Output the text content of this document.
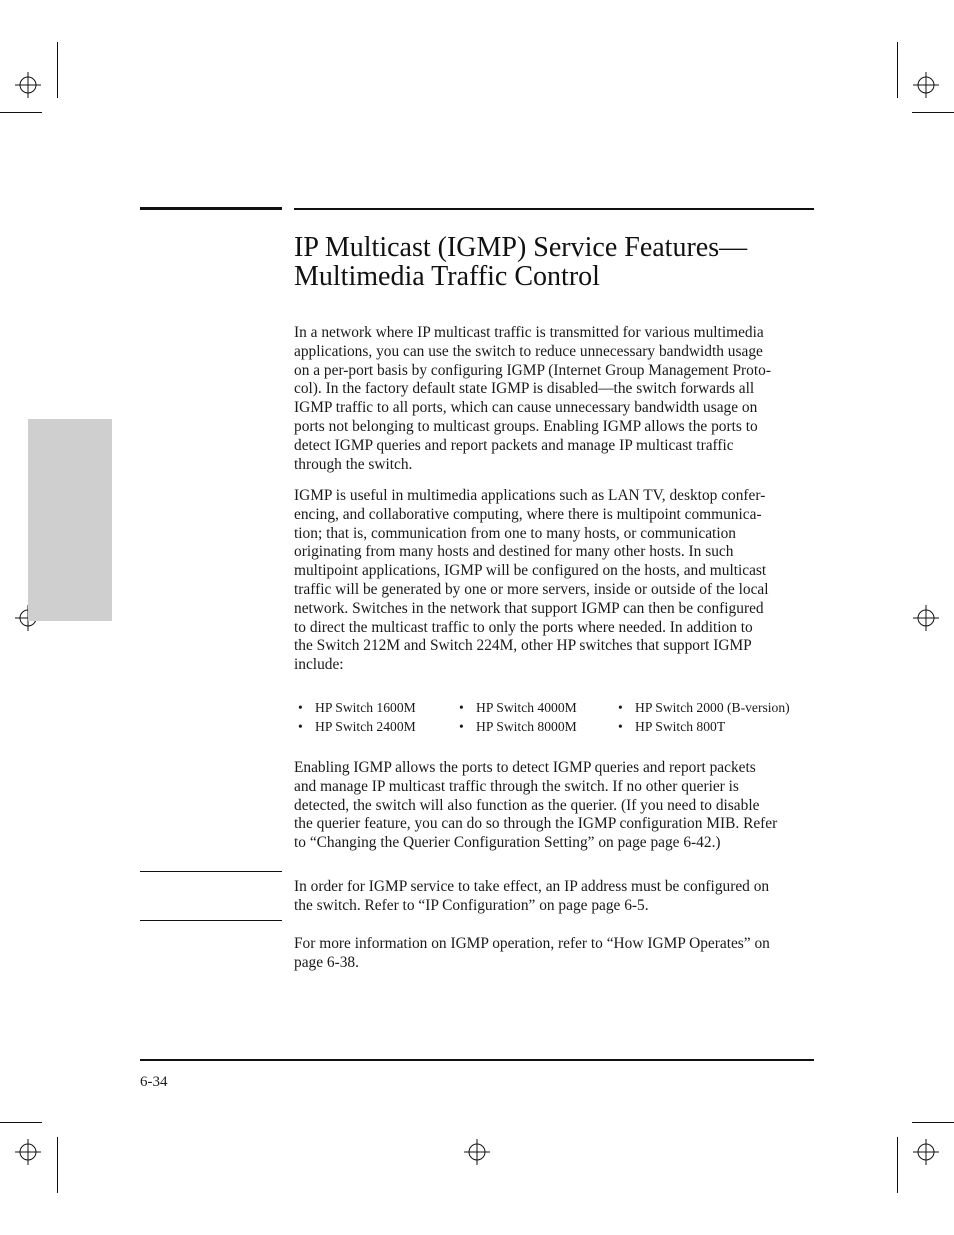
IP Multicast (IGMP) Service Features—
Multimedia Traffic Control
In a network where IP multicast traffic is transmitted for various multimedia
applications, you can use the switch to reduce unnecessary bandwidth usage
on a per-port basis by configuring IGMP (Internet Group Management Proto-
col). In the factory default state IGMP is disabled—the switch forwards all
IGMP traffic to all ports, which can cause unnecessary bandwidth usage on
ports not belonging to multicast groups. Enabling IGMP allows the ports to
detect IGMP queries and report packets and manage IP multicast traffic
through the switch.
IGMP is useful in multimedia applications such as LAN TV, desktop confer-
encing, and collaborative computing, where there is multipoint communica-
tion; that is, communication from one to many hosts, or communication
originating from many hosts and destined for many other hosts. In such
multipoint applications, IGMP will be configured on the hosts, and multicast
traffic will be generated by one or more servers, inside or outside of the local
network. Switches in the network that support IGMP can then be configured
to direct the multicast traffic to only the ports where needed. In addition to
the Switch 212M and Switch 224M, other HP switches that support IGMP
include:
• HP Switch 1600M
• HP Switch 2400M
• HP Switch 4000M
• HP Switch 8000M
• HP Switch 2000 (B-version)
• HP Switch 800T
Enabling IGMP allows the ports to detect IGMP queries and report packets
and manage IP multicast traffic through the switch. If no other querier is
detected, the switch will also function as the querier. (If you need to disable
the querier feature, you can do so through the IGMP configuration MIB. Refer
to “Changing the Querier Configuration Setting” on page page 6-42.)
In order for IGMP service to take effect, an IP address must be configured on
the switch. Refer to “IP Configuration” on page page 6-5.
For more information on IGMP operation, refer to “How IGMP Operates” on
page 6-38.
6-34
